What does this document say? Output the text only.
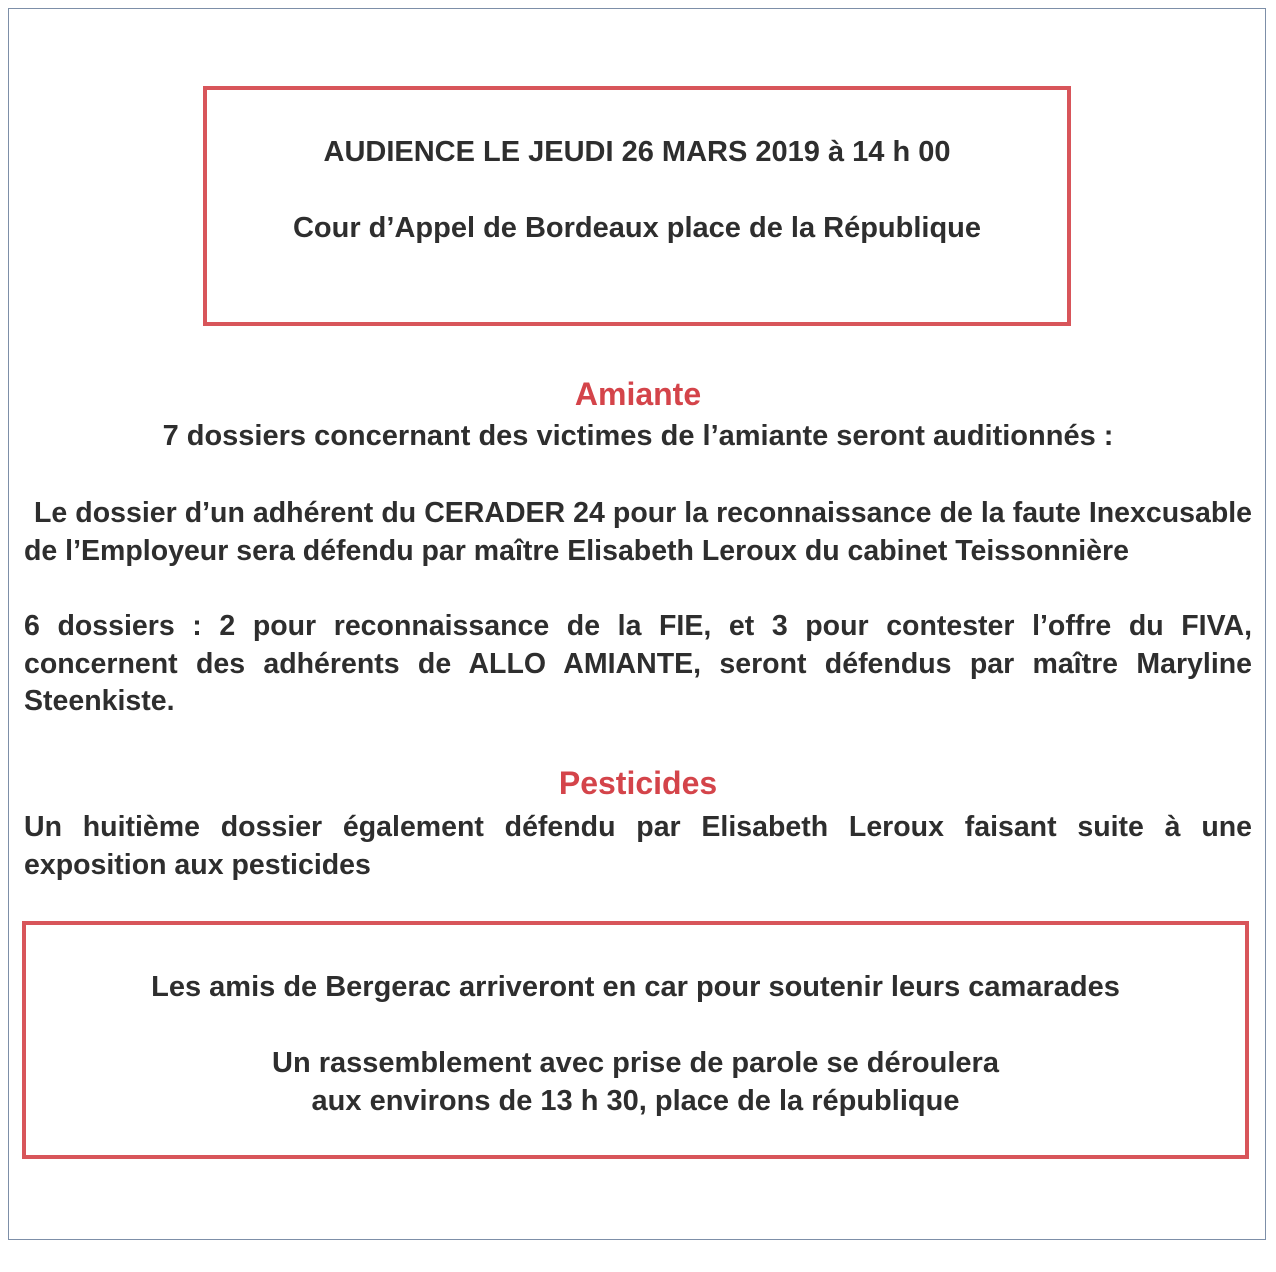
AUDIENCE LE JEUDI 26 MARS 2019 à 14 h 00
Cour d’Appel de Bordeaux place de la République
Amiante
7 dossiers concernant des victimes de l’amiante seront auditionnés :
Le dossier d’un adhérent du CERADER 24 pour la reconnaissance de la faute Inexcusable de l’Employeur sera défendu par maître Elisabeth Leroux du cabinet Teissonnière
6 dossiers : 2 pour reconnaissance de la FIE, et 3 pour contester l’offre du FIVA, concernent des adhérents de ALLO AMIANTE, seront défendus par maître Maryline Steenkiste.
Pesticides
Un huitième dossier également défendu par Elisabeth Leroux faisant suite à une exposition aux pesticides
Les amis de Bergerac arriveront en car pour soutenir leurs camarades
Un rassemblement avec prise de parole se déroulera
aux environs de 13 h 30, place de la république
